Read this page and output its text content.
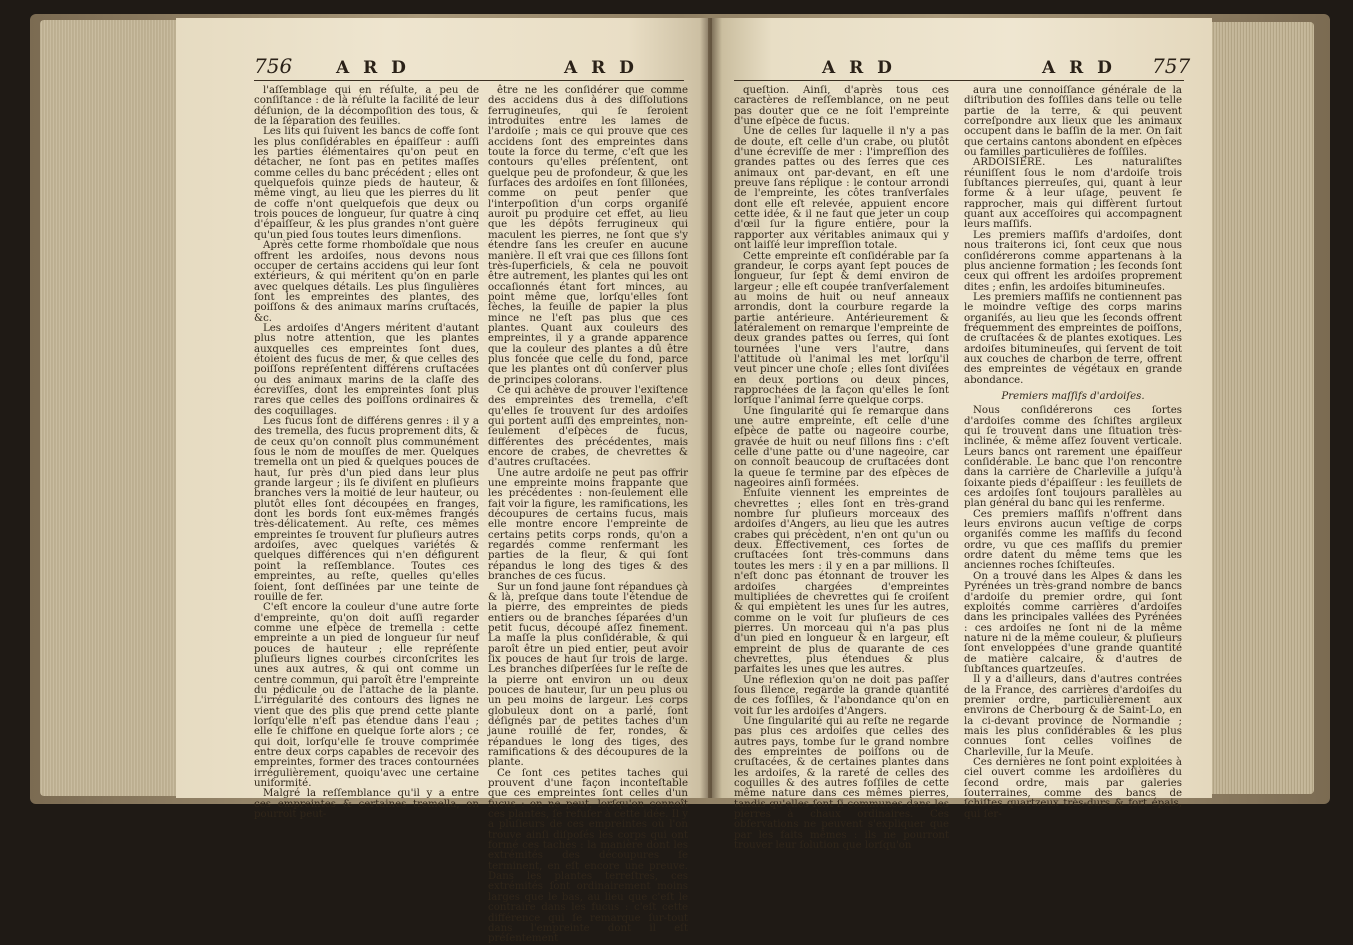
756	A R D	A R D

l'aſſemblage qui en réſulte, a peu de conſiſtance : de là réſulte la facilité de leur déſunion, de la décompoſition des tous, & de la ſéparation des feuilles.

Les lits qui ſuivent les bancs de coffe ſont les plus conſidérables en épaiſſeur : auſſi les parties élémentaires qu'on peut en détacher, ne ſont pas en petites maſſes comme celles du banc précédent ; elles ont quelquefois quinze pieds de hauteur, & même vingt, au lieu que les pierres du lit de coffe n'ont quelquefois que deux ou trois pouces de longueur, ſur quatre à cinq d'épaiſſeur, & les plus grandes n'ont guère qu'un pied ſous toutes leurs dimenſions.

Après cette forme rhomboïdale que nous offrent les ardoiſes, nous devons nous occuper de certains accidens qui leur ſont extérieurs, & qui méritent qu'on en parle avec quelques détails. Les plus ſingulières ſont les empreintes des plantes, des poiſſons & des animaux marins cruſtacés, &c.

Les ardoiſes d'Angers méritent d'autant plus notre attention, que les plantes auxquelles ces empreintes ſont dues, étoient des fucus de mer, & que celles des poiſſons repréſentent différens cruſtacées ou des animaux marins de la claſſe des écreviſſes, dont les empreintes ſont plus rares que celles des poiſſons ordinaires & des coquillages.

Les fucus ſont de différens genres : il y a des tremella, des fucus proprement dits, & de ceux qu'on connoît plus communément ſous le nom de mouſſes de mer. Quelques tremella ont un pied & quelques pouces de haut, ſur près d'un pied dans leur plus grande largeur ; ils ſe diviſent en pluſieurs branches vers la moitié de leur hauteur, ou plutôt elles ſont découpées en franges, dont les bords ſont eux-mêmes frangés très-délicatement. Au reſte, ces mêmes empreintes ſe trouvent ſur pluſieurs autres ardoiſes, avec quelques variétés & quelques différences qui n'en défigurent point la reſſemblance. Toutes ces empreintes, au reſte, quelles qu'elles ſoient, ſont deſſinées par une teinte de rouille de fer.

C'eſt encore la couleur d'une autre ſorte d'empreinte, qu'on doit auſſi regarder comme une eſpèce de tremella : cette empreinte a un pied de longueur ſur neuf pouces de hauteur ; elle repréſente pluſieurs lignes courbes circonſcrites les unes aux autres, & qui ont comme un centre commun, qui paroît être l'empreinte du pédicule ou de l'attache de la plante. L'irrégularité des contours des lignes ne vient que des plis que prend cette plante lorſqu'elle n'eſt pas étendue dans l'eau ; elle ſe chiffone en quelque ſorte alors ; ce qui doit, lorſqu'elle ſe trouve comprimée entre deux corps capables de recevoir des empreintes, former des traces contournées irrégulièrement, quoiqu'avec une certaine uniformité.

Malgré la reſſemblance qu'il y a entre ces empreintes & certaines tremella, on pourroit peut-

être ne les conſidérer que comme des accidens dus à des diſſolutions ferrugineuſes, qui ſe ſeroient introduites entre les lames de l'ardoiſe ; mais ce qui prouve que ces accidens ſont des empreintes dans toute la force du terme, c'eſt que les contours qu'elles préſentent, ont quelque peu de profondeur, & que les ſurfaces des ardoiſes en ſont ſillonées, comme on peut penſer que l'interpoſition d'un corps organiſé auroit pu produire cet effet, au lieu que les dépôts ferrugineux qui maculent les pierres, ne ſont que s'y étendre ſans les creuſer en aucune manière. Il eſt vrai que ces ſillons ſont très-ſuperficiels, & cela ne pouvoit être autrement, les plantes qui les ont occaſionnés étant fort minces, au point même que, lorſqu'elles ſont ſèches, la feuille de papier la plus mince ne l'eſt pas plus que ces plantes. Quant aux couleurs des empreintes, il y a grande apparence que la couleur des plantes a dû être plus foncée que celle du fond, parce que les plantes ont dû conſerver plus de principes colorans.

Ce qui achève de prouver l'exiſtence des empreintes des tremella, c'eſt qu'elles ſe trouvent ſur des ardoiſes qui portent auſſi des empreintes, non-ſeulement d'eſpèces de fucus, différentes des précédentes, mais encore de crabes, de chevrettes & d'autres cruſtacées.

Une autre ardoiſe ne peut pas offrir une empreinte moins frappante que les précédentes : non-ſeulement elle fait voir la figure, les ramifications, les découpures de certains fucus, mais elle montre encore l'empreinte de certains petits corps ronds, qu'on a regardés comme renfermant les parties de la fleur, & qui ſont répandus le long des tiges & des branches de ces fucus.

Sur un fond jaune ſont répandues çà & là, preſque dans toute l'étendue de la pierre, des empreintes de pieds entiers ou de branches ſéparées d'un petit fucus, découpé aſſez finement. La maſſe la plus conſidérable, & qui paroît être un pied entier, peut avoir ſix pouces de haut ſur trois de large. Les branches diſperſées ſur le reſte de la pierre ont environ un ou deux pouces de hauteur, ſur un peu plus ou un peu moins de largeur. Les corps globuleux dont on a parlé, ſont déſignés par de petites taches d'un jaune rouillé de fer, rondes, & répandues le long des tiges, des ramifications & des découpures de la plante.

Ce ſont ces petites taches qui prouvent d'une façon inconteſtable que ces empreintes ſont celles d'un fucus : on ne peut, lorſqu'on connoît ces plantes, ſe refuſer à cette idée. Il y a pluſieurs de ces empreintes où l'on trouve ainſi diſpoſés les corps qui ont formé ces taches : la manière dont les extrémités des découpures ſe terminent, en eſt encore une preuve. Dans les plantes terreſtres, ces extrémités ſont ordinairement moins larges que le bas, au lieu que c'eſt le contraire dans les fucus : c'eſt cette différence qui ſe remarque ſur-tout dans l'empreinte dont il eſt préſentement

A R D	A R D 757

queſtion. Ainſi, d'après tous ces caractères de reſſemblance, on ne peut pas douter que ce ne ſoit l'empreinte d'une eſpèce de fucus.

Une de celles ſur laquelle il n'y a pas de doute, eſt celle d'un crabe, ou plutôt d'une écreviſſe de mer : l'impreſſion des grandes pattes ou des ſerres que ces animaux ont par-devant, en eſt une preuve ſans réplique : le contour arrondi de l'empreinte, les côtes tranſverſales dont elle eſt relevée, appuient encore cette idée, & il ne faut que jeter un coup d'œil ſur la figure entière, pour la rapporter aux véritables animaux qui y ont laiſſé leur impreſſion totale.

Cette empreinte eſt conſidérable par ſa grandeur, le corps ayant ſept pouces de longueur, ſur ſept & demi environ de largeur ; elle eſt coupée tranſverſalement au moins de huit ou neuf anneaux arrondis, dont la courbure regarde la partie antérieure. Antérieurement & latéralement on remarque l'empreinte de deux grandes pattes ou ſerres, qui ſont tournées l'une vers l'autre, dans l'attitude où l'animal les met lorſqu'il veut pincer une choſe ; elles ſont diviſées en deux portions ou deux pinces, rapprochées de la façon qu'elles le ſont lorſque l'animal ſerre quelque corps.

Une ſingularité qui ſe remarque dans une autre empreinte, eſt celle d'une eſpèce de patte ou nageoire courbe, gravée de huit ou neuf ſillons fins : c'eſt celle d'une patte ou d'une nageoire, car on connoît beaucoup de cruſtacées dont la queue ſe termine par des eſpèces de nageoires ainſi formées.

Enſuite viennent les empreintes de chevrettes ; elles ſont en très-grand nombre ſur pluſieurs morceaux des ardoiſes d'Angers, au lieu que les autres crabes qui précèdent, n'en ont qu'un ou deux. Effectivement, ces ſortes de cruſtacées ſont très-communs dans toutes les mers : il y en a par millions. Il n'eſt donc pas étonnant de trouver les ardoiſes chargées d'empreintes multipliées de chevrettes qui ſe croiſent & qui empiètent les unes ſur les autres, comme on le voit ſur pluſieurs de ces pierres. Un morceau qui n'a pas plus d'un pied en longueur & en largeur, eſt empreint de plus de quarante de ces chevrettes, plus étendues & plus parfaites les unes que les autres.

Une réflexion qu'on ne doit pas paſſer ſous ſilence, regarde la grande quantité de ces foſſiles, & l'abondance qu'on en voit ſur les ardoiſes d'Angers.

Une ſingularité qui au reſte ne regarde pas plus ces ardoiſes que celles des autres pays, tombe ſur le grand nombre des empreintes de poiſſons ou de cruſtacées, & de certaines plantes dans les ardoiſes, & la rareté de celles des coquilles & des autres foſſiles de cette même nature dans ces mêmes pierres, tandis qu'elles ſont ſi communes dans les pierres à chaux ordinaires. Ces obſervations ne peuvent s'expliquer que par les faits mêmes : ils ne pourront trouver leur ſolution que lorſqu'on

aura une connoiſſance générale de la diſtribution des foſſiles dans telle ou telle partie de la terre, & qui peuvent correſpondre aux lieux que les animaux occupent dans le baſſin de la mer. On ſait que certains cantons abondent en eſpèces ou familles particulières de foſſiles.

ARDOISIÈRE. Les naturaliſtes réuniſſent ſous le nom d'ardoiſe trois ſubſtances pierreuſes, qui, quant à leur forme & à leur uſage, peuvent ſe rapprocher, mais qui diffèrent ſurtout quant aux acceſſoires qui accompagnent leurs maſſifs.

Les premiers maſſifs d'ardoiſes, dont nous traiterons ici, ſont ceux que nous conſidérerons comme appartenans à la plus ancienne formation ; les ſeconds ſont ceux qui offrent les ardoiſes proprement dites ; enfin, les ardoiſes bitumineuſes.

Les premiers maſſifs ne contiennent pas le moindre veſtige des corps marins organiſés, au lieu que les ſeconds offrent fréquemment des empreintes de poiſſons, de cruſtacées & de plantes exotiques. Les ardoiſes bitumineuſes, qui ſervent de toit aux couches de charbon de terre, offrent des empreintes de végétaux en grande abondance.

Premiers maſſifs d'ardoiſes.

Nous conſidérerons ces ſortes d'ardoiſes comme des ſchiſtes argileux qui ſe trouvent dans une ſituation très-inclinée, & même aſſez ſouvent verticale. Leurs bancs ont rarement une épaiſſeur conſidérable. Le banc que l'on rencontre dans la carrière de Charleville a juſqu'à ſoixante pieds d'épaiſſeur : les feuillets de ces ardoiſes ſont toujours parallèles au plan général du banc qui les renferme.

Ces premiers maſſifs n'offrent dans leurs environs aucun veſtige de corps organiſés comme les maſſifs du ſecond ordre, vu que ces maſſifs du premier ordre datent du même tems que les anciennes roches ſchiſteuſes.

On a trouvé dans les Alpes & dans les Pyrénées un très-grand nombre de bancs d'ardoiſe du premier ordre, qui ſont exploités comme carrières d'ardoiſes dans les principales vallées des Pyrénées : ces ardoiſes ne ſont ni de la même nature ni de la même couleur, & pluſieurs ſont enveloppées d'une grande quantité de matière calcaire, & d'autres de ſubſtances quartzeuſes.

Il y a d'ailleurs, dans d'autres contrées de la France, des carrières d'ardoiſes du premier ordre, particulièrement aux environs de Cherbourg & de Saint-Lo, en la ci-devant province de Normandie ; mais les plus conſidérables & les plus connues ſont celles voiſines de Charleville, ſur la Meuſe.

Ces dernières ne ſont point exploitées à ciel ouvert comme les ardoiſières du ſecond ordre, mais par galeries ſouterraines, comme des bancs de ſchiſtes quartzeux très-durs & fort épais, qui ſer-
